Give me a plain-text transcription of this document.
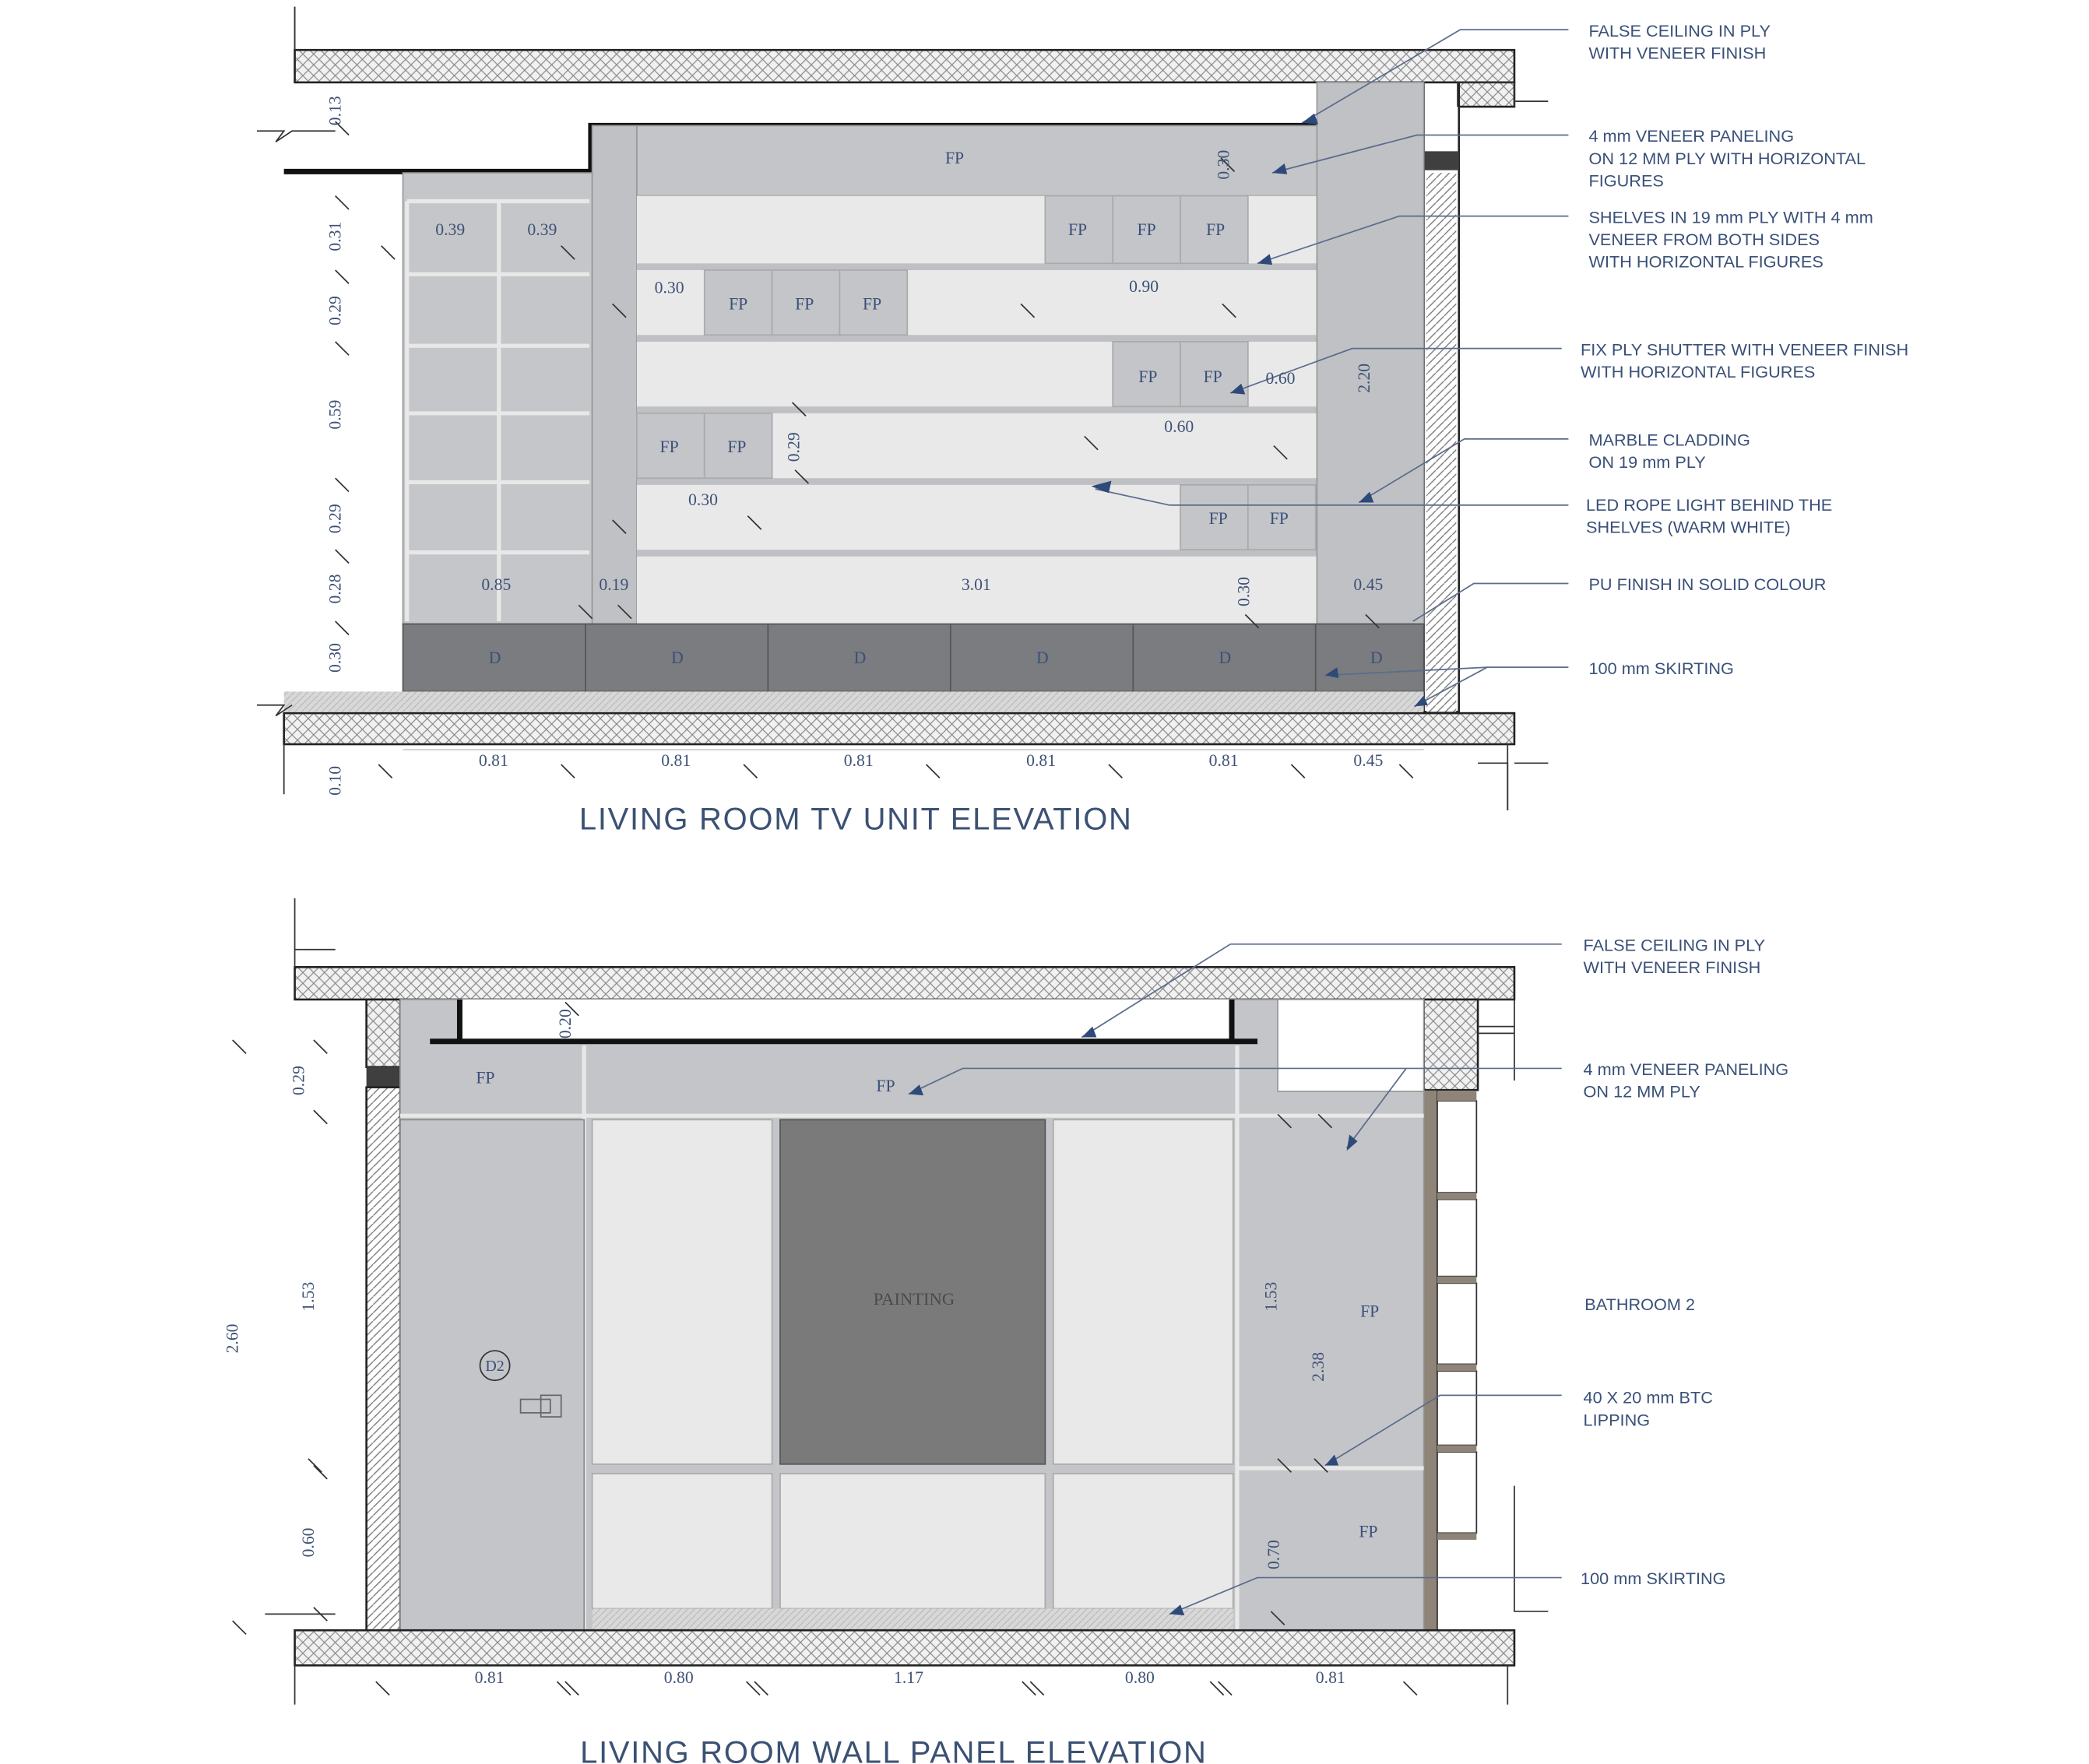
FALSE CEILING IN PLY
WITH VENEER FINISH
4 mm VENEER PANELING
ON 12 MM PLY WITH HORIZONTAL
FIGURES
SHELVES IN 19 mm PLY WITH 4 mm
VENEER FROM BOTH SIDES
WITH HORIZONTAL FIGURES
FIX PLY SHUTTER WITH VENEER FINISH
WITH HORIZONTAL FIGURES
MARBLE CLADDING
ON 19 mm PLY
LED ROPE LIGHT BEHIND THE
SHELVES (WARM WHITE)
PU FINISH IN SOLID COLOUR
100 mm SKIRTING
0.13
0.31
0.29
0.59
0.29
0.28
0.30
0.10
0.81	0.81	0.81	0.81	0.81	0.45
0.39	0.39
0.30	0.90
0.60
0.60
0.30
0.85	0.19	3.01	0.45
2.20
0.30
0.30
0.29
FP
FP	FP	FP
FP	FP	FP
FP	FP
FP	FP
FP	FP
D	D	D	D	D	D
FALSE CEILING IN PLY
WITH VENEER FINISH
4 mm VENEER PANELING
ON 12 MM PLY
BATHROOM 2
40 X 20 mm BTC
LIPPING
100 mm SKIRTING
2.60
0.29
1.53
0.60
0.20
1.53
2.38
0.70
0.81	0.80	1.17	0.80	0.81
PAINTING
D2
FP	FP
FP
FP
LIVING ROOM TV UNIT ELEVATION
LIVING ROOM WALL PANEL ELEVATION
